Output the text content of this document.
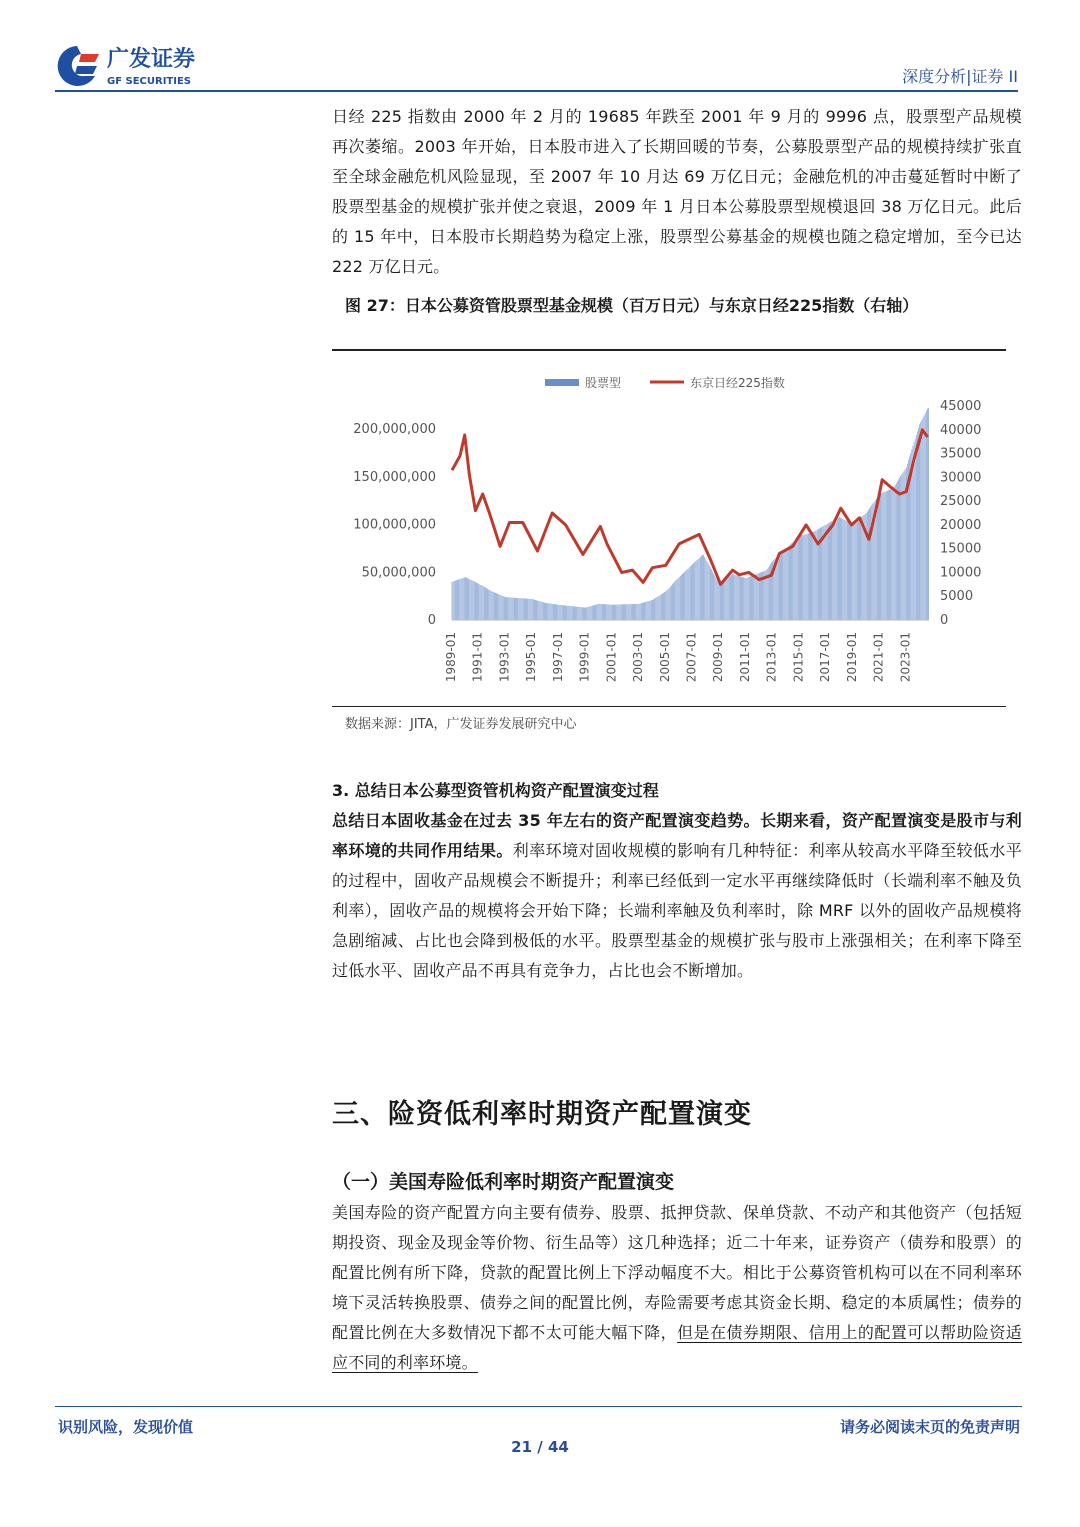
广发证券
GF SECURITIES	深度分析|证券 II
日经 225 指数由 2000 年 2 月的 19685 年跌至 2001 年 9 月的 9996 点，股票型产品规模再次萎缩。2003 年开始，日本股市进入了长期回暖的节奏，公募股票型产品的规模持续扩张直至全球金融危机风险显现，至 2007 年 10 月达 69 万亿日元；金融危机的冲击蔓延暂时中断了股票型基金的规模扩张并使之衰退，2009 年 1 月日本公募股票型规模退回 38 万亿日元。此后的 15 年中，日本股市长期趋势为稳定上涨，股票型公募基金的规模也随之稳定增加，至今已达 222 万亿日元。
图 27：日本公募资管股票型基金规模（百万日元）与东京日经225指数（右轴）
股票型	东京日经225指数
0
50,000,000
100,000,000
150,000,000
200,000,000
0
5000
10000
15000
20000
25000
30000
35000
40000
45000
1989-01 1991-01 1993-01 1995-01 1997-01 1999-01 2001-01 2003-01 2005-01 2007-01 2009-01 2011-01 2013-01 2015-01 2017-01 2019-01 2021-01 2023-01
数据来源：JITA，广发证券发展研究中心
3. 总结日本公募型资管机构资产配置演变过程
总结日本固收基金在过去 35 年左右的资产配置演变趋势。长期来看，资产配置演变是股市与利率环境的共同作用结果。利率环境对固收规模的影响有几种特征：利率从较高水平降至较低水平的过程中，固收产品规模会不断提升；利率已经低到一定水平再继续降低时（长端利率不触及负利率），固收产品的规模将会开始下降；长端利率触及负利率时，除 MRF 以外的固收产品规模将急剧缩减、占比也会降到极低的水平。股票型基金的规模扩张与股市上涨强相关；在利率下降至过低水平、固收产品不再具有竞争力，占比也会不断增加。
三、险资低利率时期资产配置演变
（一）美国寿险低利率时期资产配置演变
美国寿险的资产配置方向主要有债券、股票、抵押贷款、保单贷款、不动产和其他资产（包括短期投资、现金及现金等价物、衍生品等）这几种选择；近二十年来，证券资产（债券和股票）的配置比例有所下降，贷款的配置比例上下浮动幅度不大。相比于公募资管机构可以在不同利率环境下灵活转换股票、债券之间的配置比例，寿险需要考虑其资金长期、稳定的本质属性；债券的配置比例在大多数情况下都不太可能大幅下降，但是在债券期限、信用上的配置可以帮助险资适应不同的利率环境。
识别风险，发现价值	请务必阅读末页的免责声明
21 / 44
